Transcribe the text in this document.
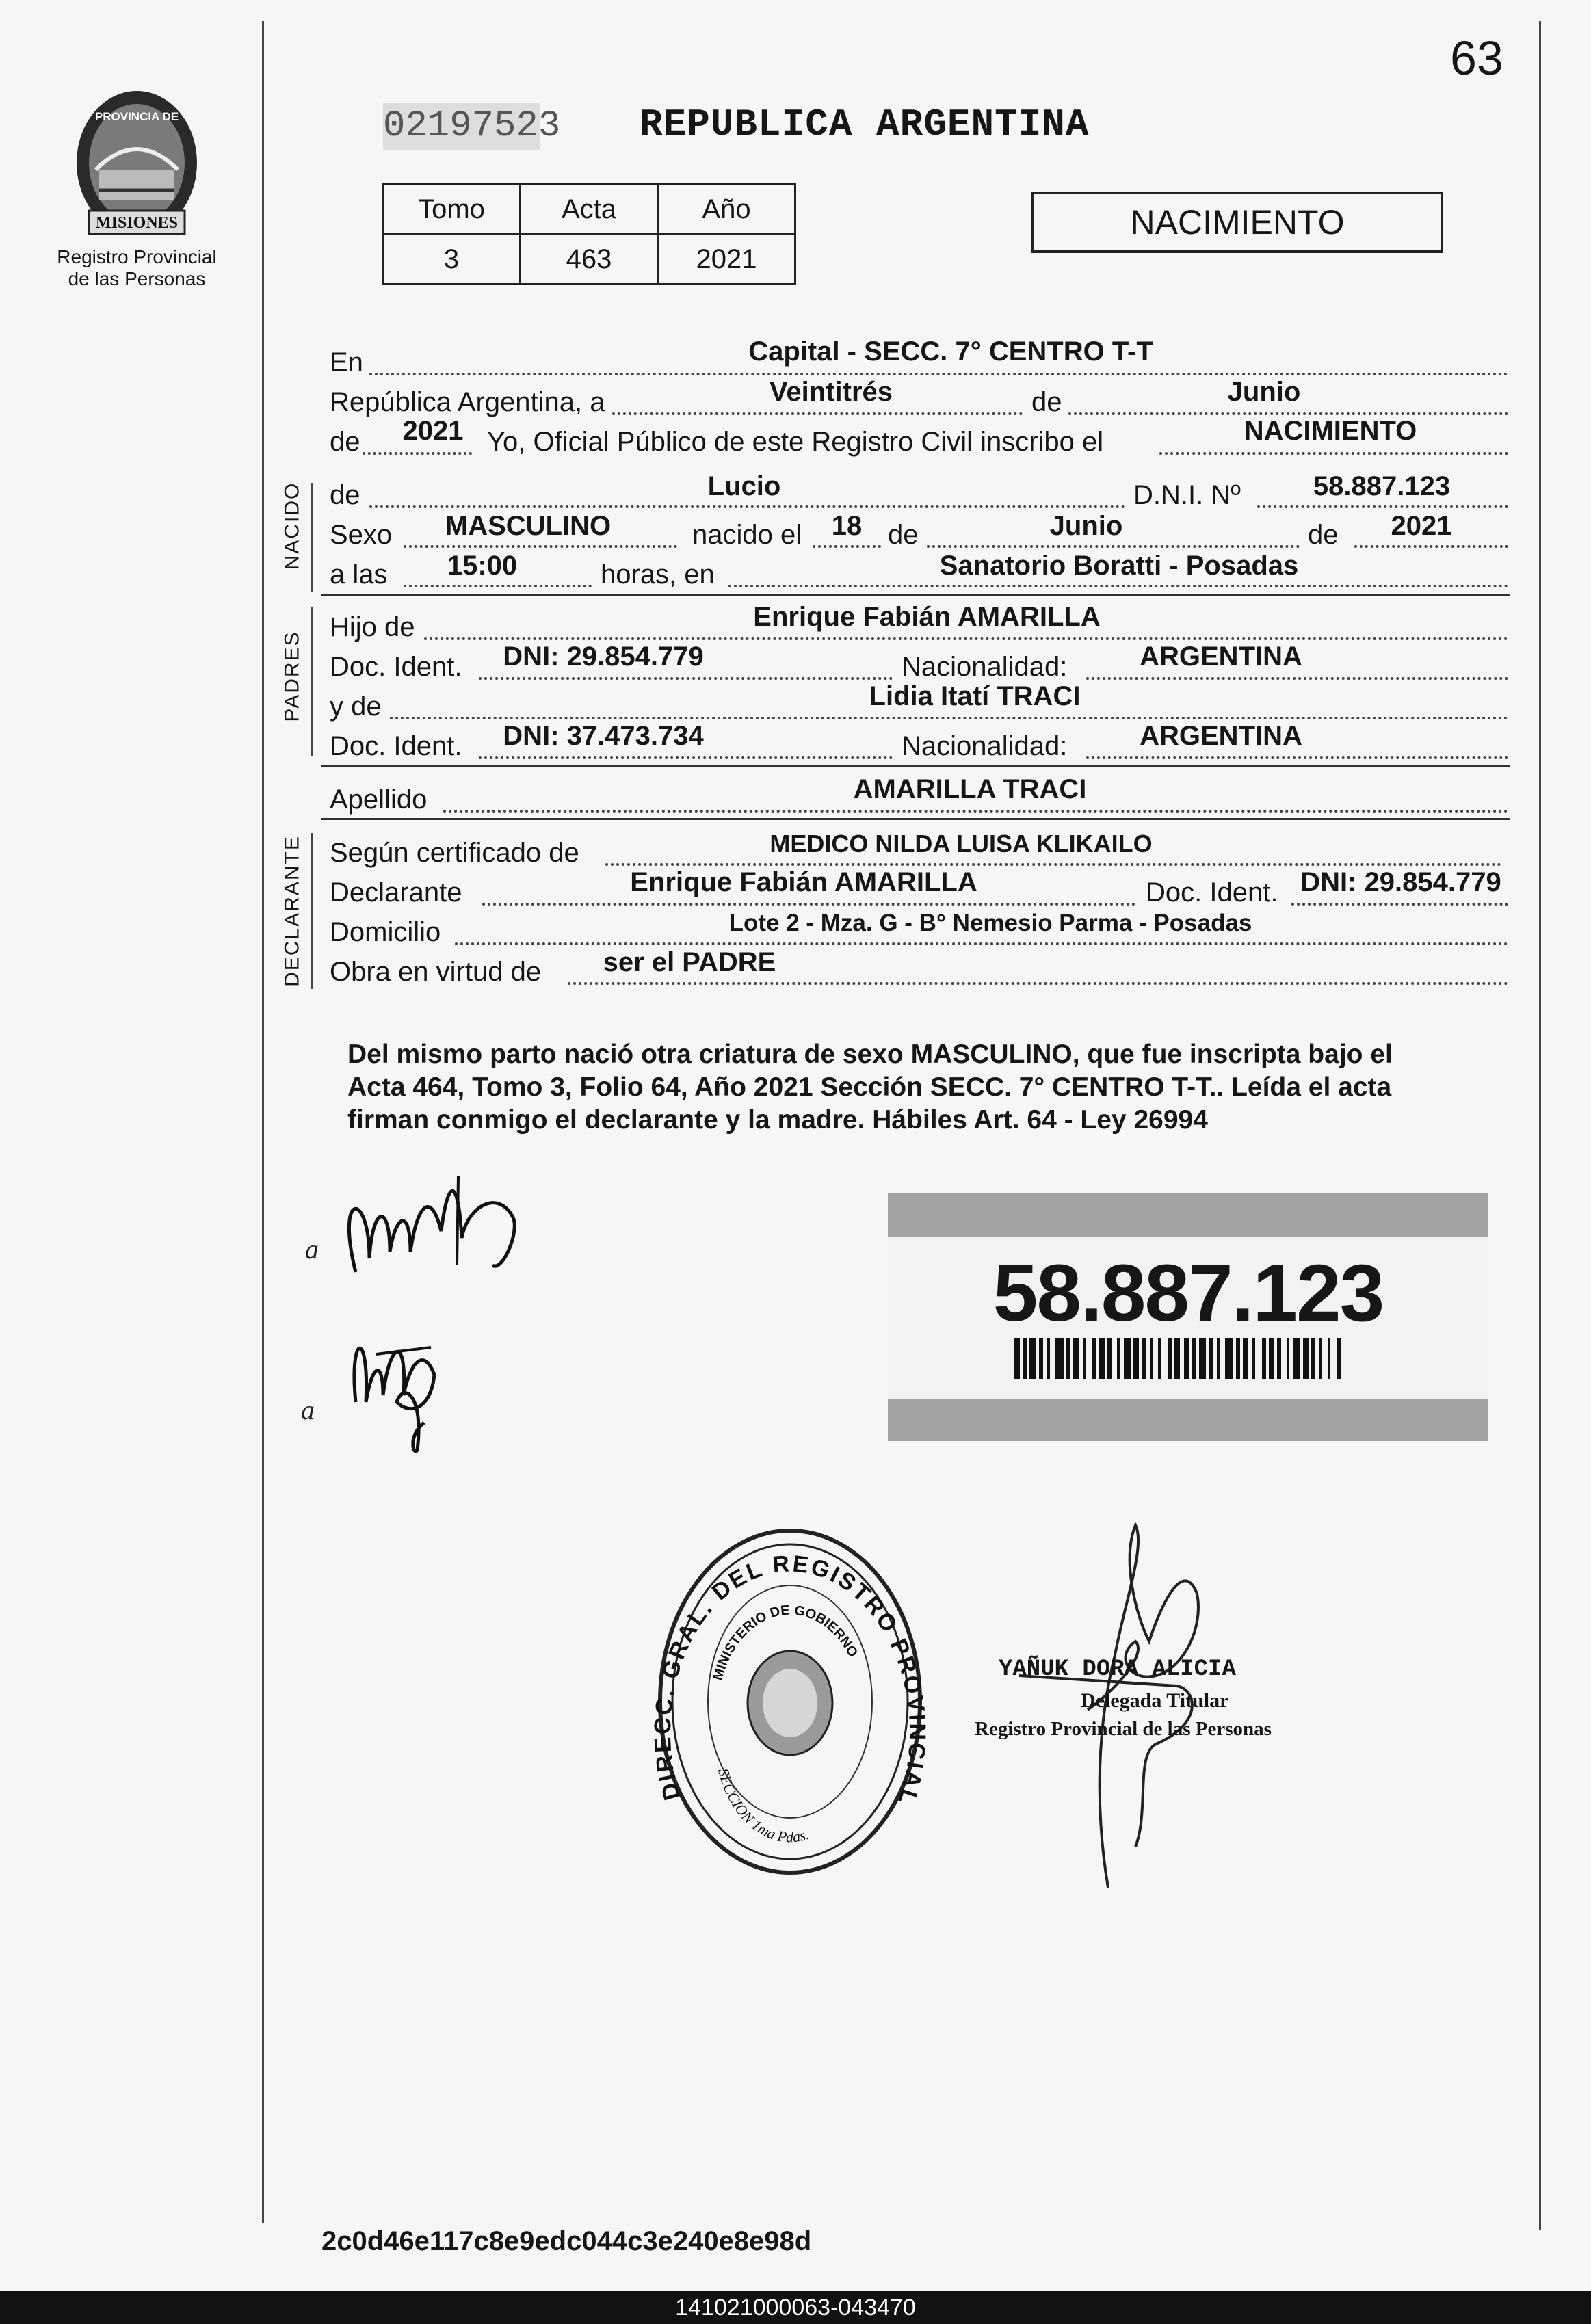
63
PROVINCIA DE
MISIONES
Registro Provincial
de las Personas
02197523 REPUBLICA ARGENTINA
Tomo	Acta	Año
3	463	2021
NACIMIENTO
En	Capital - SECC. 7° CENTRO T-T
República Argentina, a	Veintitrés	de	Junio
de 2021 Yo, Oficial Público de este Registro Civil inscribo el	NACIMIENTO
NACIDO de	Lucio	D.N.I. Nº	58.887.123
Sexo MASCULINO	nacido el 18 de	Junio	de 2021
a las 15:00	horas, en	Sanatorio Boratti - Posadas
PADRES
Hijo de	Enrique Fabián AMARILLA
Doc. Ident. DNI: 29.854.779	Nacionalidad:	ARGENTINA
y de	Lidia Itatí TRACI
Doc. Ident. DNI: 37.473.734	Nacionalidad:	ARGENTINA
Apellido	AMARILLA TRACI
DECLARANTE Según certificado de	MEDICO NILDA LUISA KLIKAILO
Declarante	Enrique Fabián AMARILLA	Doc. Ident. DNI: 29.854.779
Domicilio	Lote 2 - Mza. G - B° Nemesio Parma - Posadas
Obra en virtud de ser el PADRE
Del mismo parto nació otra criatura de sexo MASCULINO, que fue inscripta bajo el
Acta 464, Tomo 3, Folio 64, Año 2021 Sección SECC. 7° CENTRO T-T.. Leída el acta
firman conmigo el declarante y la madre. Hábiles Art. 64 - Ley 26994
a
a
58.887.123
DIR . GRAL. DEL REGISTRO PROV IAL
MINISTERIO DE GOBIERNO
SECCION 1ma Pdas.
YAÑUK DORA ALICIA
Delegada Titular
Registro Provincial de las Personas
2c0d46e117c8e9edc044c3e240e8e98d
141021000063-043470
